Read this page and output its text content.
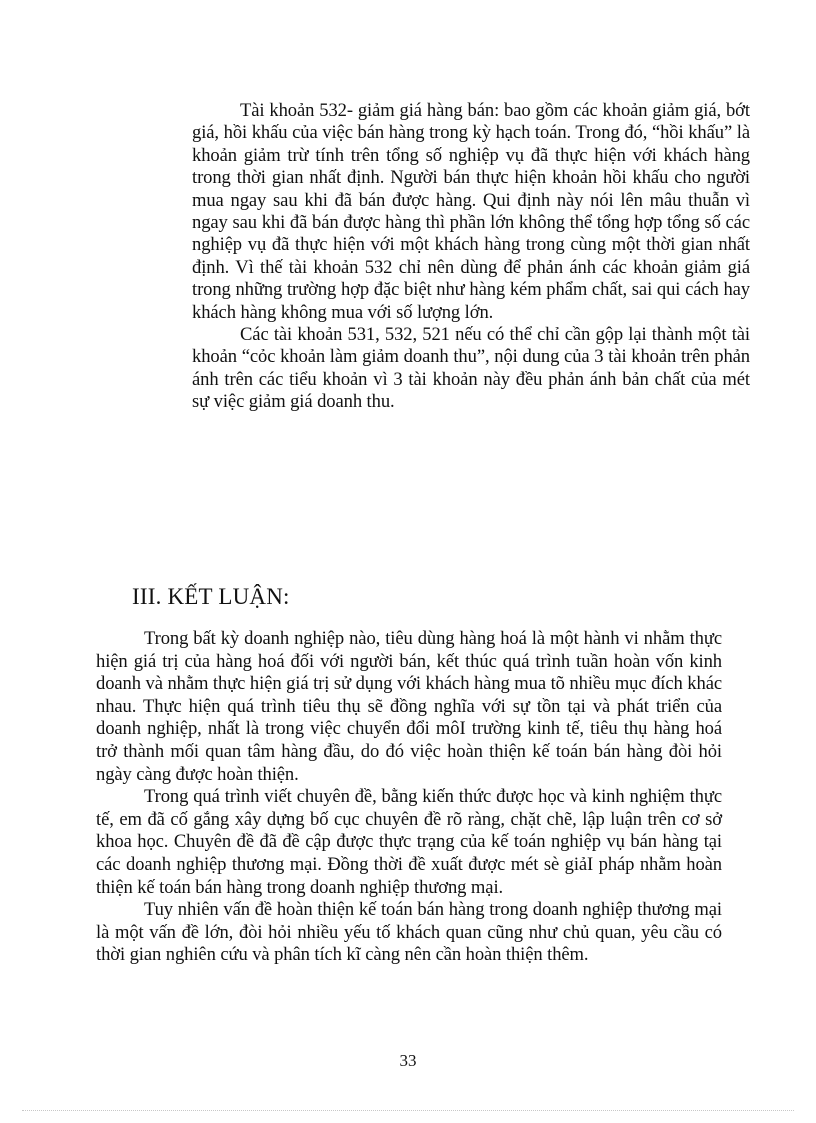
Tài khoản 532- giảm giá hàng bán: bao gồm các khoản giảm giá, bớt giá, hồi khấu của việc bán hàng trong kỳ hạch toán. Trong đó, “hồi khấu” là khoản giảm trừ tính trên tổng số nghiệp vụ đã thực hiện với khách hàng trong thời gian nhất định. Người bán thực hiện khoản hồi khấu cho người mua ngay sau khi đã bán được hàng. Qui định này nói lên mâu thuẫn vì ngay sau khi đã bán được hàng thì phần lớn không thể tổng hợp tổng số các nghiệp vụ đã thực hiện với một khách hàng trong cùng một thời gian nhất định. Vì thế tài khoản 532 chỉ nên dùng để phản ánh các khoản giảm giá trong những trường hợp đặc biệt như hàng kém phẩm chất, sai qui cách hay khách hàng không mua với số lượng lớn.

Các tài khoản 531, 532, 521 nếu có thể chỉ cần gộp lại thành một tài khoản “cỏc khoản làm giảm doanh thu”, nội dung của 3 tài khoản trên phản ánh trên các tiểu khoản vì 3 tài khoản này đều phản ánh bản chất của mét sự việc giảm giá doanh thu.

III. KẾT LUẬN:

Trong bất kỳ doanh nghiệp nào, tiêu dùng hàng hoá là một hành vi nhằm thực hiện giá trị của hàng hoá đối với người bán, kết thúc quá trình tuần hoàn vốn kinh doanh và nhằm thực hiện giá trị sử dụng với khách hàng mua tõ nhiều mục đích khác nhau. Thực hiện quá trình tiêu thụ sẽ đồng nghĩa với sự tồn tại và phát triển của doanh nghiệp, nhất là trong việc chuyển đổi môI trường kinh tế, tiêu thụ hàng hoá trở thành mối quan tâm hàng đầu, do đó việc hoàn thiện kế toán bán hàng đòi hỏi ngày càng được hoàn thiện.

Trong quá trình viết chuyên đề, bằng kiến thức được học và kinh nghiệm thực tế, em đã cố gắng xây dựng bố cục chuyên đề rõ ràng, chặt chẽ, lập luận trên cơ sở khoa học. Chuyên đề đã đề cập được thực trạng của kế toán nghiệp vụ bán hàng tại các doanh nghiệp thương mại. Đồng thời đề xuất được mét sè giảI pháp nhằm hoàn thiện kế toán bán hàng trong doanh nghiệp thương mại.

Tuy nhiên vấn đề hoàn thiện kế toán bán hàng trong doanh nghiệp thương mại là một vấn đề lớn, đòi hỏi nhiều yếu tố khách quan cũng như chủ quan, yêu cầu có thời gian nghiên cứu và phân tích kĩ càng nên cần hoàn thiện thêm.

33
